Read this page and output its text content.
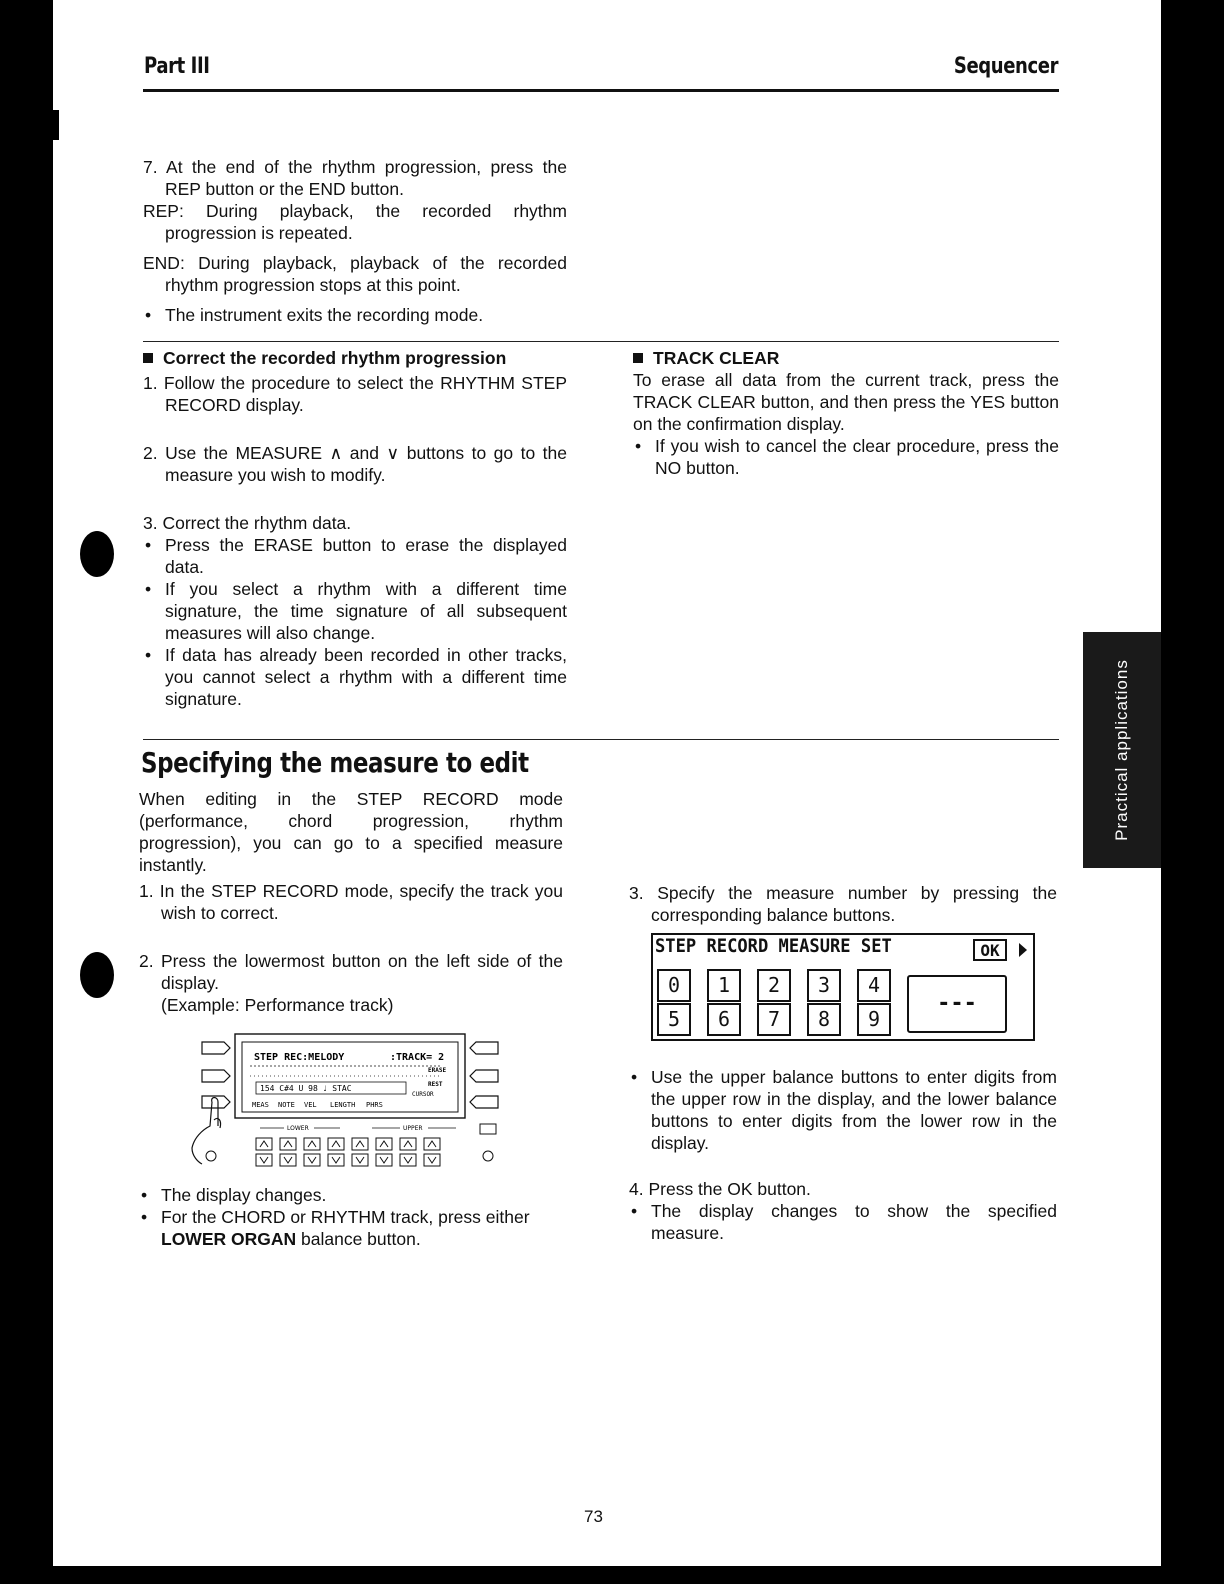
Part III	Sequencer

7. At the end of the rhythm progression, press the REP button or the END button.

REP: During playback, the recorded rhythm progression is repeated.

END: During playback, playback of the recorded rhythm progression stops at this point.

• The instrument exits the recording mode.

Correct the recorded rhythm progression

1. Follow the procedure to select the RHYTHM STEP RECORD display.

2. Use the MEASURE ∧ and ∨ buttons to go to the measure you wish to modify.

3. Correct the rhythm data.

• Press the ERASE button to erase the displayed data.

• If you select a rhythm with a different time signature, the time signature of all subsequent measures will also change.

• If data has already been recorded in other tracks, you cannot select a rhythm with a different time signature.

TRACK CLEAR

To erase all data from the current track, press the TRACK CLEAR button, and then press the YES button on the confirmation display.

• If you wish to cancel the clear procedure, press the NO button.

Practical applications
Specifying the measure to edit
When editing in the STEP RECORD mode (performance, chord progression, rhythm progression), you can go to a specified measure instantly.

1. In the STEP RECORD mode, specify the track you wish to correct.

2. Press the lowermost button on the left side of the display.

(Example: Performance track)

STEP REC:MELODY	:TRACK= 2
154 C#4 U 98 ♩ STAC
MEAS NOTE VEL LENGTH PHRS
ERASE
REST
CURSOR
LOWER	UPPER

• The display changes.

• For the CHORD or RHYTHM track, press either LOWER ORGAN balance button.

3. Specify the measure number by pressing the corresponding balance buttons.
STEP RECORD MEASURE SET	OK
0	1	2	3	4
5	6	7	8	9
---

• Use the upper balance buttons to enter digits from the upper row in the display, and the lower balance buttons to enter digits from the lower row in the display.

4. Press the OK button.

• The display changes to show the specified measure.

73
